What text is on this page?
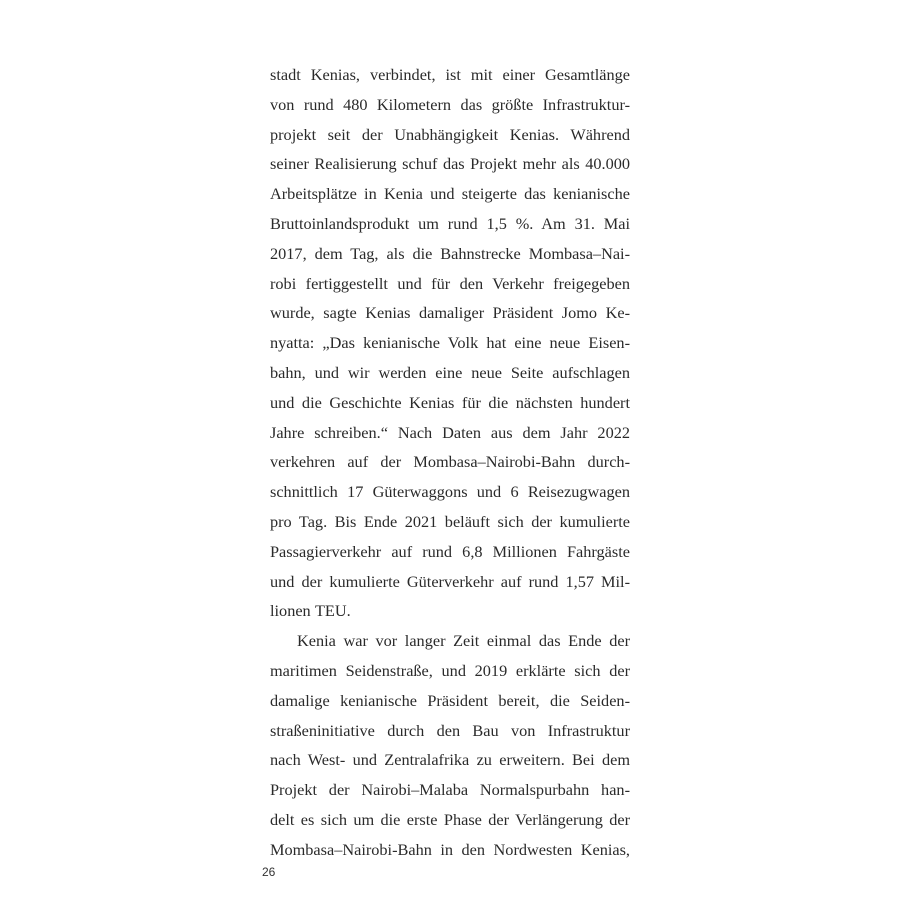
stadt Kenias, verbindet, ist mit einer Gesamtlänge
von rund 480 Kilometern das größte Infrastruktur-
projekt seit der Unabhängigkeit Kenias. Während
seiner Realisierung schuf das Projekt mehr als 40.000
Arbeitsplätze in Kenia und steigerte das kenianische
Bruttoinlandsprodukt um rund 1,5 %. Am 31. Mai
2017, dem Tag, als die Bahnstrecke Mombasa–Nai-
robi fertiggestellt und für den Verkehr freigegeben
wurde, sagte Kenias damaliger Präsident Jomo Ke-
nyatta: „Das kenianische Volk hat eine neue Eisen-
bahn, und wir werden eine neue Seite aufschlagen
und die Geschichte Kenias für die nächsten hundert
Jahre schreiben.“ Nach Daten aus dem Jahr 2022
verkehren auf der Mombasa–Nairobi-Bahn durch-
schnittlich 17 Güterwaggons und 6 Reisezugwagen
pro Tag. Bis Ende 2021 beläuft sich der kumulierte
Passagierverkehr auf rund 6,8 Millionen Fahrgäste
und der kumulierte Güterverkehr auf rund 1,57 Mil-
lionen TEU.
Kenia war vor langer Zeit einmal das Ende der
maritimen Seidenstraße, und 2019 erklärte sich der
damalige kenianische Präsident bereit, die Seiden-
straßeninitiative durch den Bau von Infrastruktur
nach West- und Zentralafrika zu erweitern. Bei dem
Projekt der Nairobi–Malaba Normalspurbahn han-
delt es sich um die erste Phase der Verlängerung der
Mombasa–Nairobi-Bahn in den Nordwesten Kenias,
26
